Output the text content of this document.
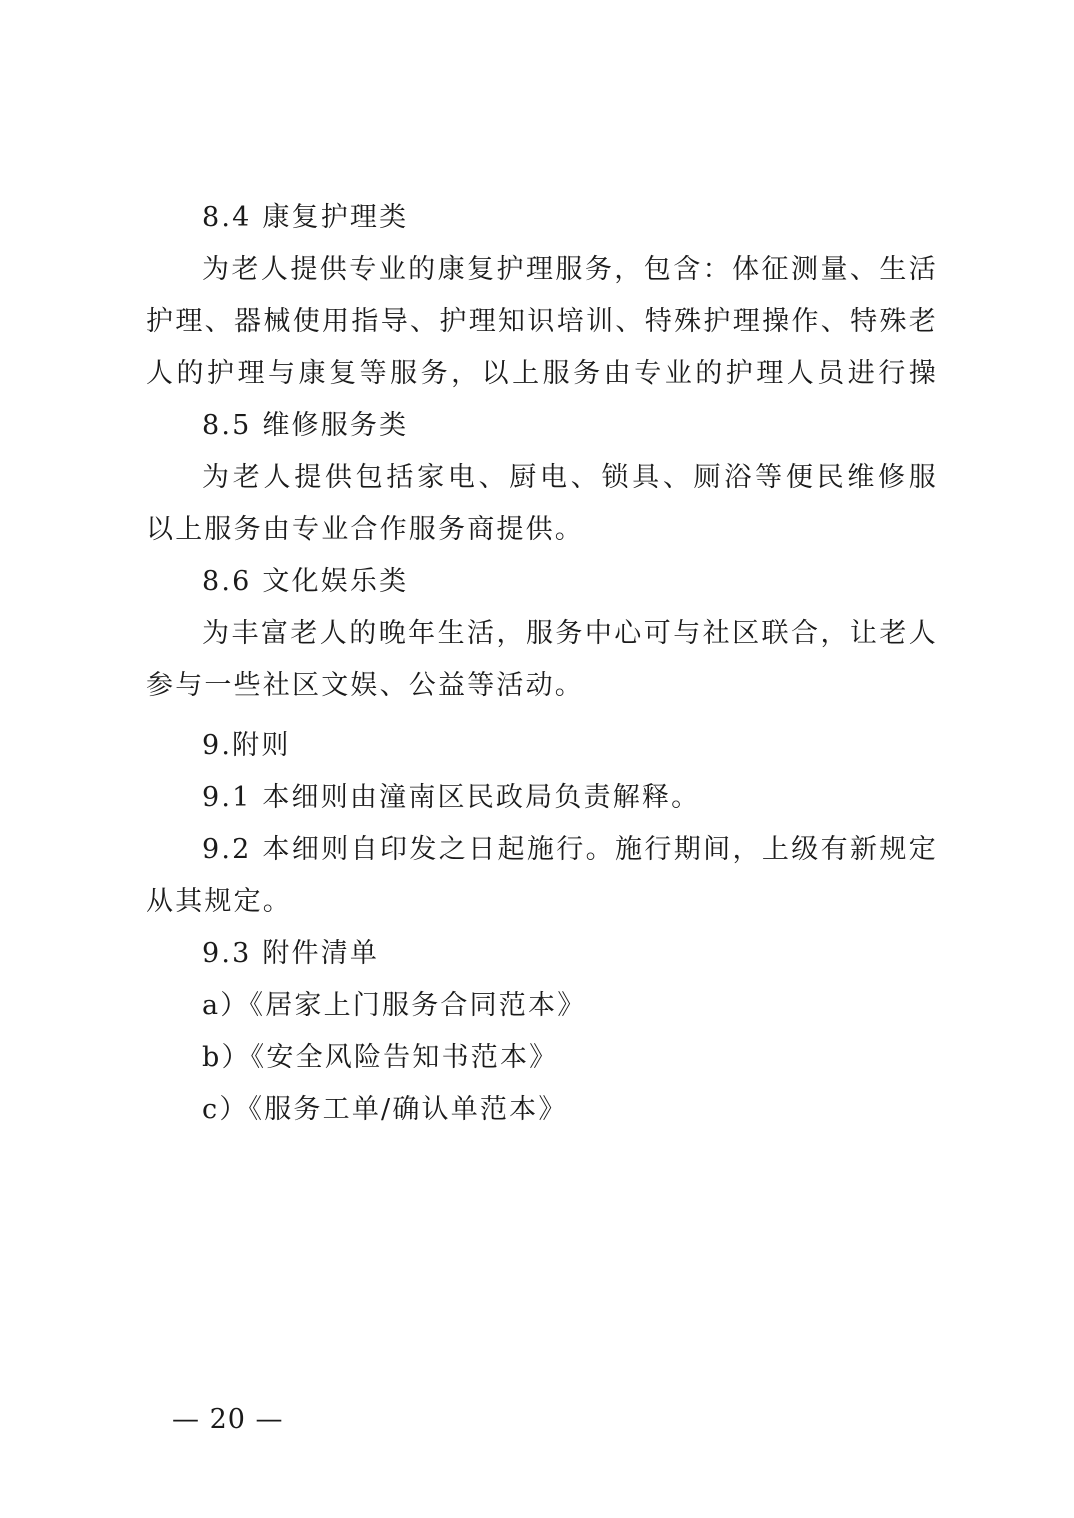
8.4 康复护理类
为老人提供专业的康复护理服务，包含：体征测量、生活
护理、器械使用指导、护理知识培训、特殊护理操作、特殊老
人的护理与康复等服务，以上服务由专业的护理人员进行操
8.5 维修服务类
为老人提供包括家电、厨电、锁具、厕浴等便民维修服
以上服务由专业合作服务商提供。
8.6 文化娱乐类
为丰富老人的晚年生活，服务中心可与社区联合，让老人
参与一些社区文娱、公益等活动。
9.附则
9.1 本细则由潼南区民政局负责解释。
9.2 本细则自印发之日起施行。施行期间，上级有新规定
从其规定。
9.3 附件清单
a）《居家上门服务合同范本》
b）《安全风险告知书范本》
c）《服务工单/确认单范本》
— 20 —
